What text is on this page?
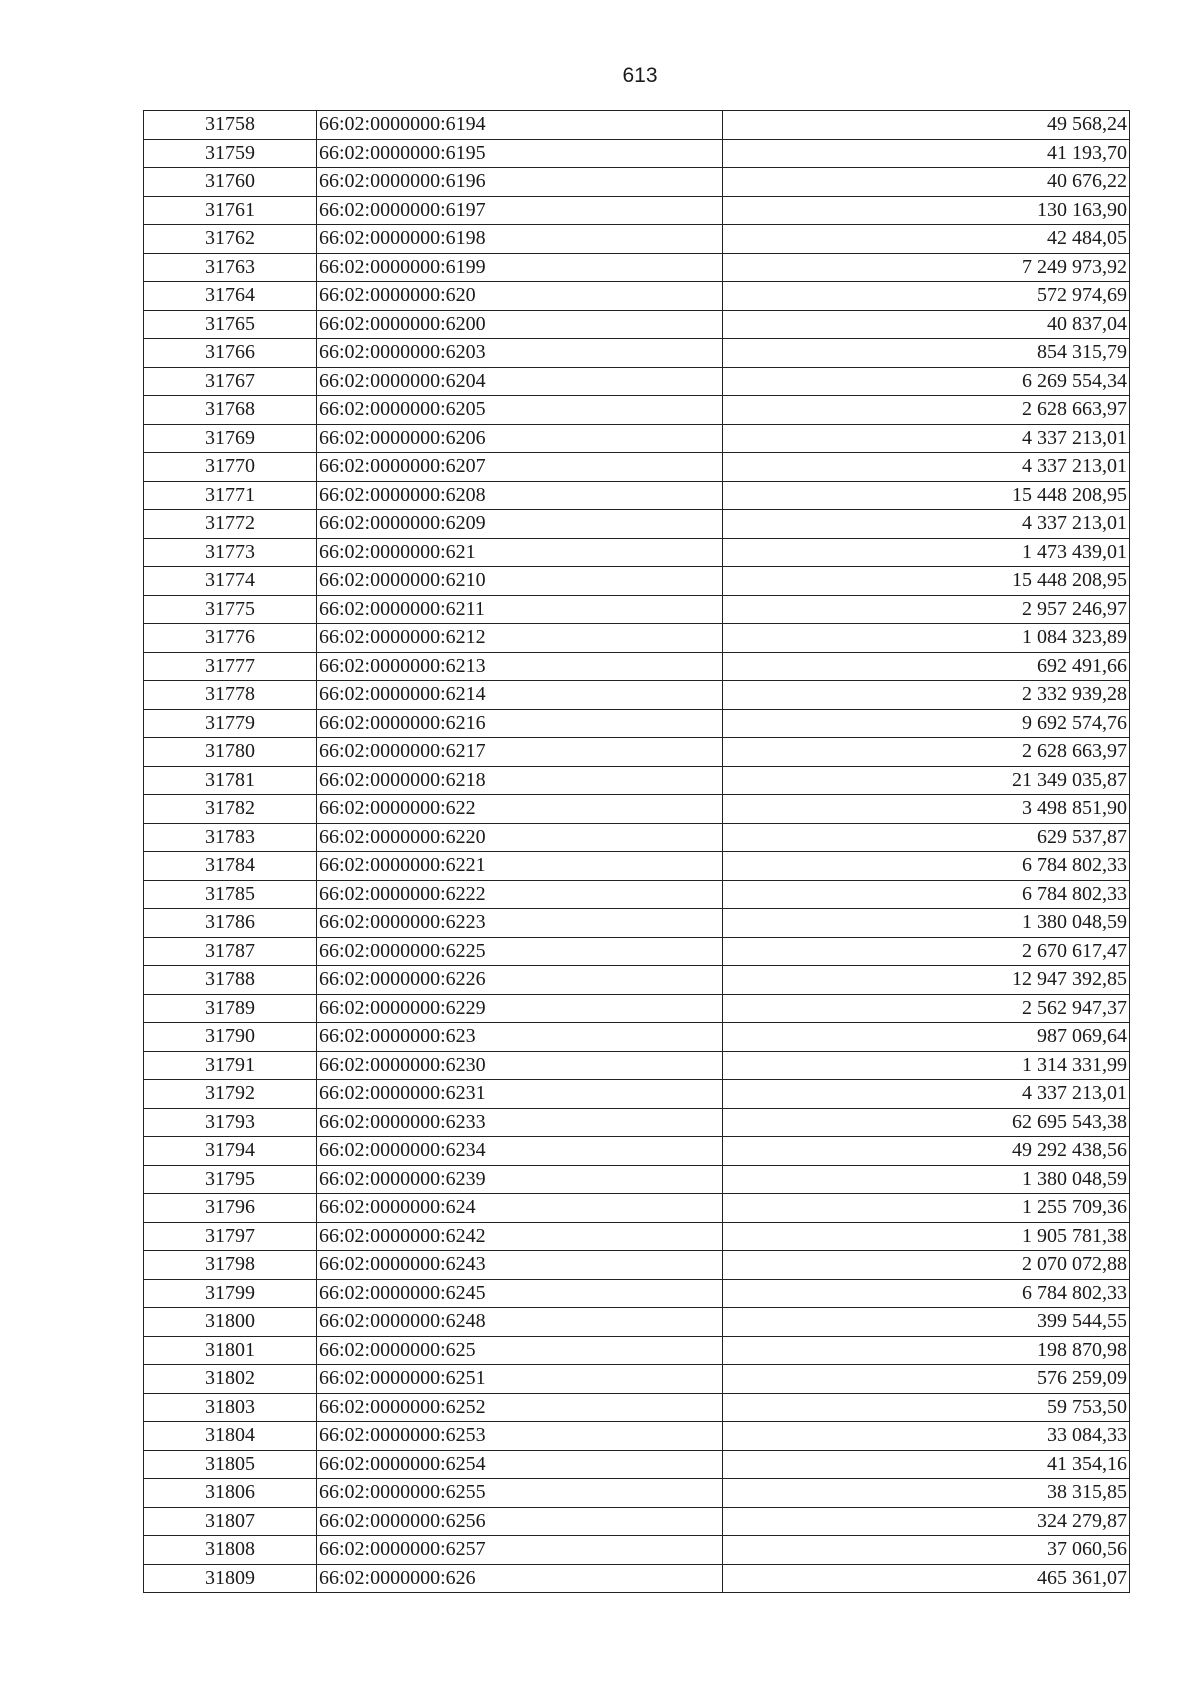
613
31758	66:02:0000000:6194	49 568,24
31759	66:02:0000000:6195	41 193,70
31760	66:02:0000000:6196	40 676,22
31761	66:02:0000000:6197	130 163,90
31762	66:02:0000000:6198	42 484,05
31763	66:02:0000000:6199	7 249 973,92
31764	66:02:0000000:620	572 974,69
31765	66:02:0000000:6200	40 837,04
31766	66:02:0000000:6203	854 315,79
31767	66:02:0000000:6204	6 269 554,34
31768	66:02:0000000:6205	2 628 663,97
31769	66:02:0000000:6206	4 337 213,01
31770	66:02:0000000:6207	4 337 213,01
31771	66:02:0000000:6208	15 448 208,95
31772	66:02:0000000:6209	4 337 213,01
31773	66:02:0000000:621	1 473 439,01
31774	66:02:0000000:6210	15 448 208,95
31775	66:02:0000000:6211	2 957 246,97
31776	66:02:0000000:6212	1 084 323,89
31777	66:02:0000000:6213	692 491,66
31778	66:02:0000000:6214	2 332 939,28
31779	66:02:0000000:6216	9 692 574,76
31780	66:02:0000000:6217	2 628 663,97
31781	66:02:0000000:6218	21 349 035,87
31782	66:02:0000000:622	3 498 851,90
31783	66:02:0000000:6220	629 537,87
31784	66:02:0000000:6221	6 784 802,33
31785	66:02:0000000:6222	6 784 802,33
31786	66:02:0000000:6223	1 380 048,59
31787	66:02:0000000:6225	2 670 617,47
31788	66:02:0000000:6226	12 947 392,85
31789	66:02:0000000:6229	2 562 947,37
31790	66:02:0000000:623	987 069,64
31791	66:02:0000000:6230	1 314 331,99
31792	66:02:0000000:6231	4 337 213,01
31793	66:02:0000000:6233	62 695 543,38
31794	66:02:0000000:6234	49 292 438,56
31795	66:02:0000000:6239	1 380 048,59
31796	66:02:0000000:624	1 255 709,36
31797	66:02:0000000:6242	1 905 781,38
31798	66:02:0000000:6243	2 070 072,88
31799	66:02:0000000:6245	6 784 802,33
31800	66:02:0000000:6248	399 544,55
31801	66:02:0000000:625	198 870,98
31802	66:02:0000000:6251	576 259,09
31803	66:02:0000000:6252	59 753,50
31804	66:02:0000000:6253	33 084,33
31805	66:02:0000000:6254	41 354,16
31806	66:02:0000000:6255	38 315,85
31807	66:02:0000000:6256	324 279,87
31808	66:02:0000000:6257	37 060,56
31809	66:02:0000000:626	465 361,07
